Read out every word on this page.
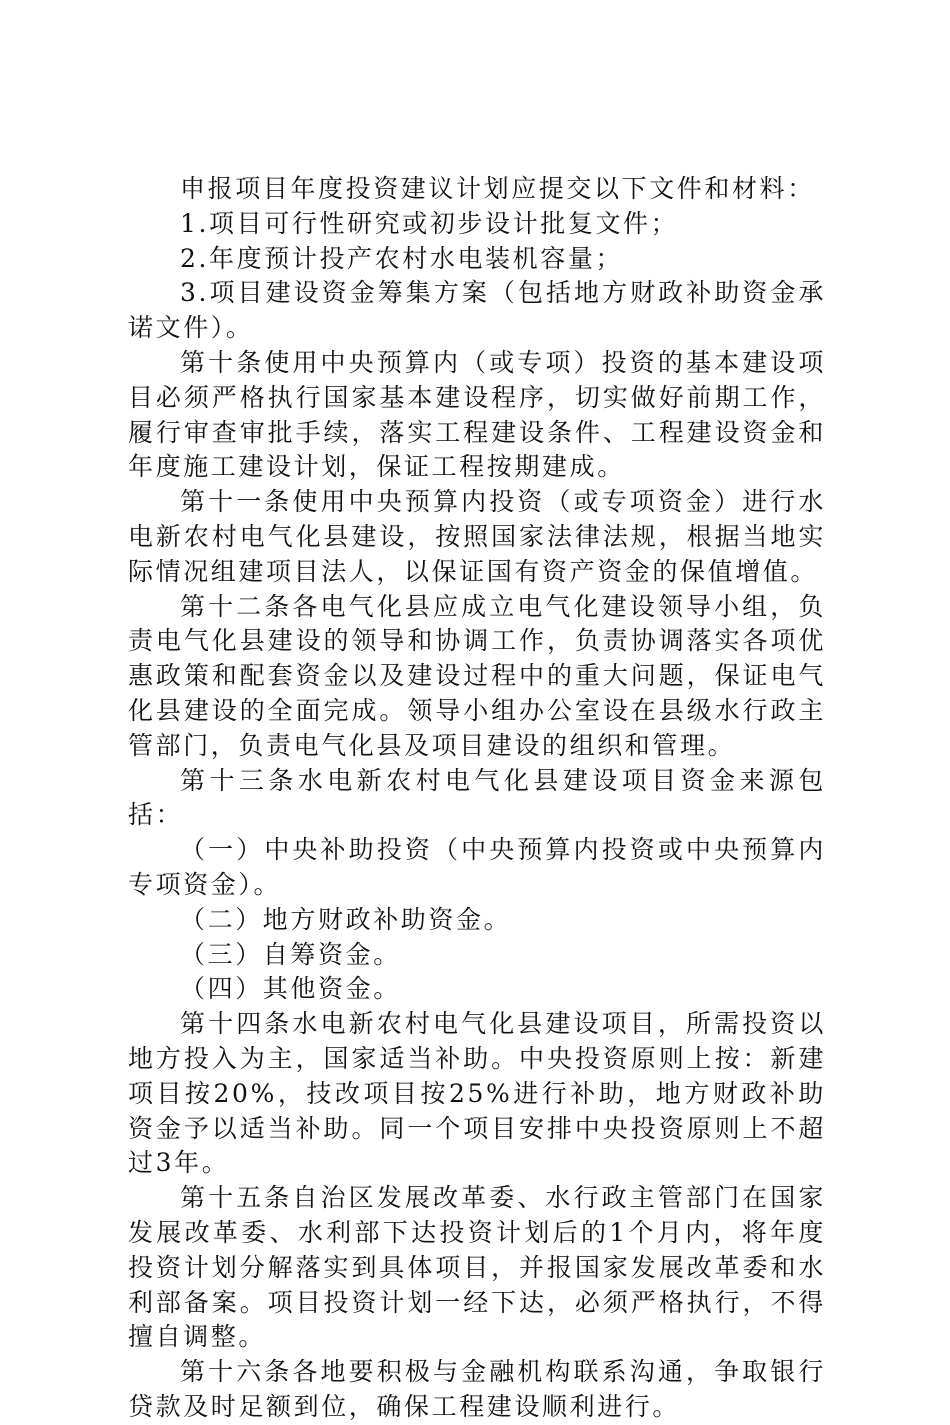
申报项目年度投资建议计划应提交以下文件和材料：

1.项目可行性研究或初步设计批复文件；

2.年度预计投产农村水电装机容量；

3.项目建设资金筹集方案（包括地方财政补助资金承诺文件）。

第十条使用中央预算内（或专项）投资的基本建设项目必须严格执行国家基本建设程序，切实做好前期工作，履行审查审批手续，落实工程建设条件、工程建设资金和年度施工建设计划，保证工程按期建成。

第十一条使用中央预算内投资（或专项资金）进行水电新农村电气化县建设，按照国家法律法规，根据当地实际情况组建项目法人，以保证国有资产资金的保值增值。

第十二条各电气化县应成立电气化建设领导小组，负责电气化县建设的领导和协调工作，负责协调落实各项优惠政策和配套资金以及建设过程中的重大问题，保证电气化县建设的全面完成。领导小组办公室设在县级水行政主管部门，负责电气化县及项目建设的组织和管理。

第十三条水电新农村电气化县建设项目资金来源包括：

（一）中央补助投资（中央预算内投资或中央预算内专项资金）。

（二）地方财政补助资金。

（三）自筹资金。

（四）其他资金。

第十四条水电新农村电气化县建设项目，所需投资以地方投入为主，国家适当补助。中央投资原则上按：新建项目按20%，技改项目按25%进行补助，地方财政补助资金予以适当补助。同一个项目安排中央投资原则上不超过3年。

第十五条自治区发展改革委、水行政主管部门在国家发展改革委、水利部下达投资计划后的1个月内，将年度投资计划分解落实到具体项目，并报国家发展改革委和水利部备案。项目投资计划一经下达，必须严格执行，不得擅自调整。

第十六条各地要积极与金融机构联系沟通，争取银行贷款及时足额到位，确保工程建设顺利进行。
